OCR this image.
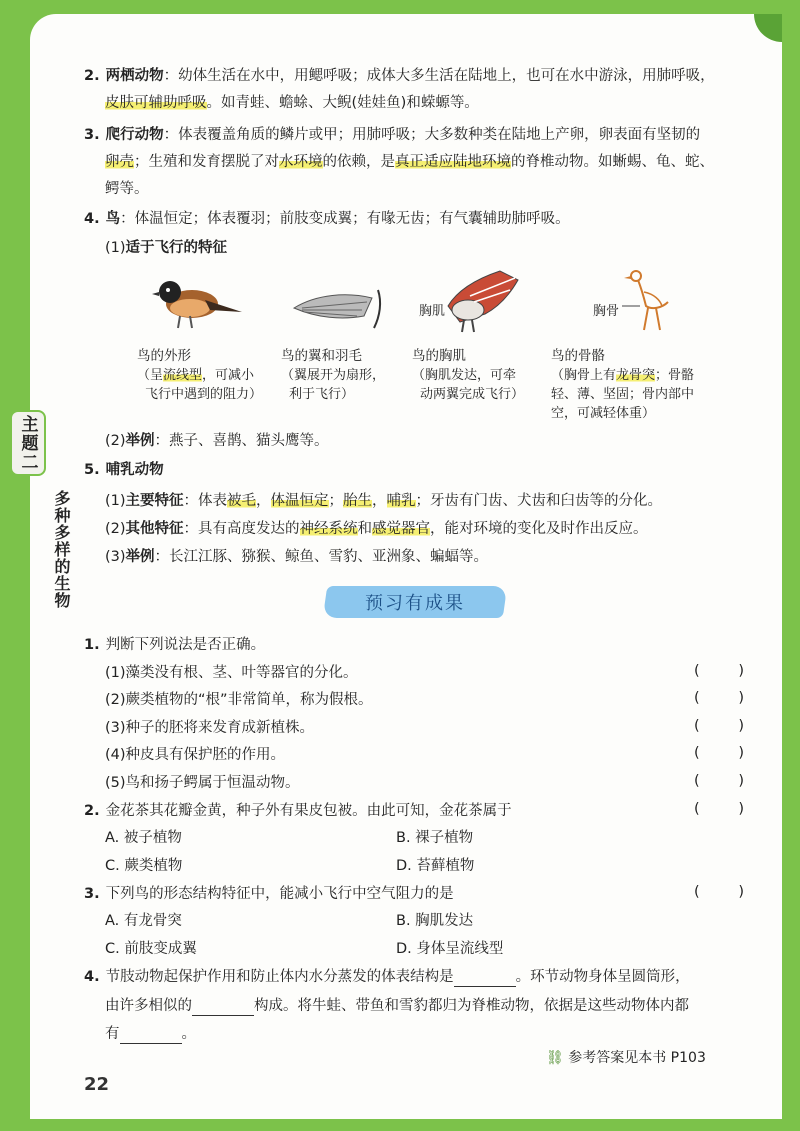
主题二
多种多样的生物
2. 两栖动物：幼体生活在水中，用鳃呼吸；成体大多生活在陆地上，也可在水中游泳，用肺呼吸，
皮肤可辅助呼吸。如青蛙、蟾蜍、大鲵(娃娃鱼)和蝾螈等。
3. 爬行动物：体表覆盖角质的鳞片或甲；用肺呼吸；大多数种类在陆地上产卵，卵表面有坚韧的
卵壳；生殖和发育摆脱了对水环境的依赖，是真正适应陆地环境的脊椎动物。如蜥蜴、龟、蛇、
鳄等。
4. 鸟：体温恒定；体表覆羽；前肢变成翼；有喙无齿；有气囊辅助肺呼吸。
(1)适于飞行的特征
胸肌	胸骨
鸟的外形
（呈流线型，可减小
飞行中遇到的阻力）
鸟的翼和羽毛
（翼展开为扇形，
利于飞行）
鸟的胸肌
（胸肌发达，可牵
动两翼完成飞行）
鸟的骨骼
（胸骨上有龙骨突；骨骼
轻、薄、坚固；骨内部中
空，可减轻体重）
(2)举例：燕子、喜鹊、猫头鹰等。
5. 哺乳动物
(1)主要特征：体表被毛，体温恒定；胎生，哺乳；牙齿有门齿、犬齿和臼齿等的分化。
(2)其他特征：具有高度发达的神经系统和感觉器官，能对环境的变化及时作出反应。
(3)举例：长江江豚、猕猴、鲸鱼、雪豹、亚洲象、蝙蝠等。
预习有成果
1. 判断下列说法是否正确。
(1)藻类没有根、茎、叶等器官的分化。	(	)
(2)蕨类植物的“根”非常简单，称为假根。	(	)
(3)种子的胚将来发育成新植株。	(	)
(4)种皮具有保护胚的作用。	(	)
(5)鸟和扬子鳄属于恒温动物。	(	)
2. 金花茶其花瓣金黄，种子外有果皮包被。由此可知，金花茶属于	(	)
A. 被子植物	B. 裸子植物
C. 蕨类植物	D. 苔藓植物
3. 下列鸟的形态结构特征中，能减小飞行中空气阻力的是	(	)
A. 有龙骨突	B. 胸肌发达
C. 前肢变成翼	D. 身体呈流线型
4. 节肢动物起保护作用和防止体内水分蒸发的体表结构是	。环节动物身体呈圆筒形，
由许多相似的	构成。将牛蛙、带鱼和雪豹都归为脊椎动物，依据是这些动物体内都
有	。
⛓ 参考答案见本书 P103
22
